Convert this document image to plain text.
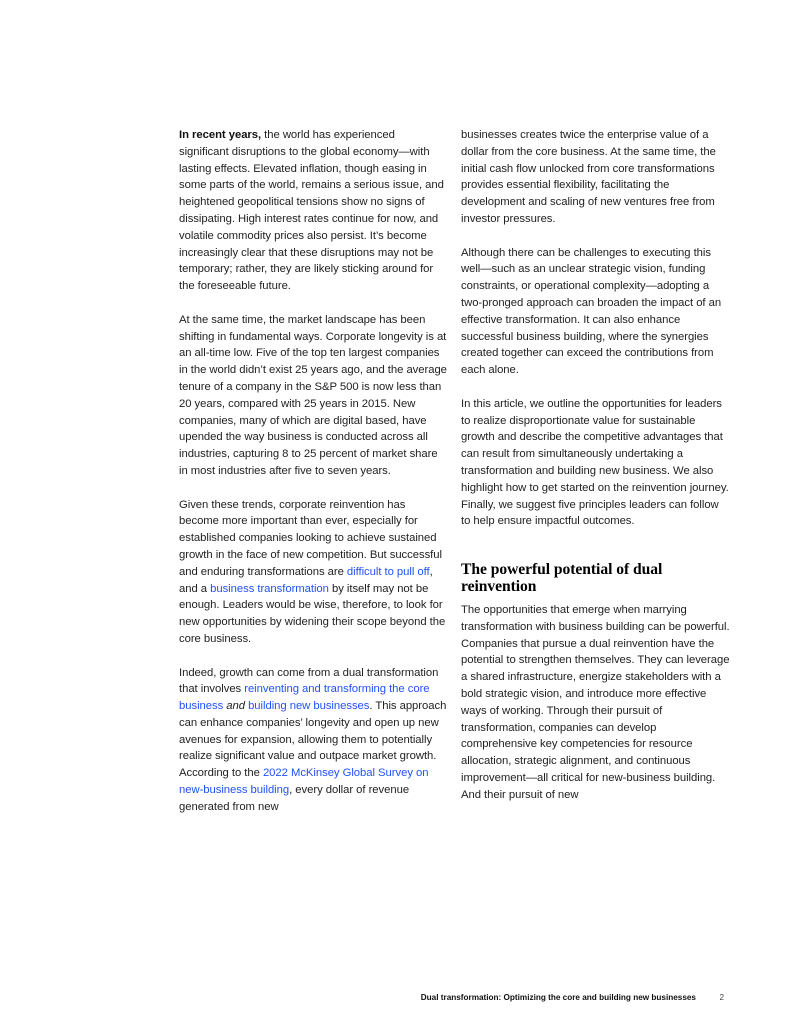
In recent years, the world has experienced significant disruptions to the global economy—with lasting effects. Elevated inflation, though easing in some parts of the world, remains a serious issue, and heightened geopolitical tensions show no signs of dissipating. High interest rates continue for now, and volatile commodity prices also persist. It’s become increasingly clear that these disruptions may not be temporary; rather, they are likely sticking around for the foreseeable future.

At the same time, the market landscape has been shifting in fundamental ways. Corporate longevity is at an all-time low. Five of the top ten largest companies in the world didn’t exist 25 years ago, and the average tenure of a company in the S&P 500 is now less than 20 years, compared with 25 years in 2015. New companies, many of which are digital based, have upended the way business is conducted across all industries, capturing 8 to 25 percent of market share in most industries after five to seven years.

Given these trends, corporate reinvention has become more important than ever, especially for established companies looking to achieve sustained growth in the face of new competition. But successful and enduring transformations are difficult to pull off, and a business transformation by itself may not be enough. Leaders would be wise, therefore, to look for new opportunities by widening their scope beyond the core business.

Indeed, growth can come from a dual transformation that involves reinventing and transforming the core business and building new businesses. This approach can enhance companies’ longevity and open up new avenues for expansion, allowing them to potentially realize significant value and outpace market growth. According to the 2022 McKinsey Global Survey on new-business building, every dollar of revenue generated from new

businesses creates twice the enterprise value of a dollar from the core business. At the same time, the initial cash flow unlocked from core transformations provides essential flexibility, facilitating the development and scaling of new ventures free from investor pressures.

Although there can be challenges to executing this well—such as an unclear strategic vision, funding constraints, or operational complexity—adopting a two-pronged approach can broaden the impact of an effective transformation. It can also enhance successful business building, where the synergies created together can exceed the contributions from each alone.

In this article, we outline the opportunities for leaders to realize disproportionate value for sustainable growth and describe the competitive advantages that can result from simultaneously undertaking a transformation and building new business. We also highlight how to get started on the reinvention journey. Finally, we suggest five principles leaders can follow to help ensure impactful outcomes.

The powerful potential of dual reinvention

The opportunities that emerge when marrying transformation with business building can be powerful. Companies that pursue a dual reinvention have the potential to strengthen themselves. They can leverage a shared infrastructure, energize stakeholders with a bold strategic vision, and introduce more effective ways of working. Through their pursuit of transformation, companies can develop comprehensive key competencies for resource allocation, strategic alignment, and continuous improvement—all critical for new-business building. And their pursuit of new

Dual transformation: Optimizing the core and building new businesses	2
